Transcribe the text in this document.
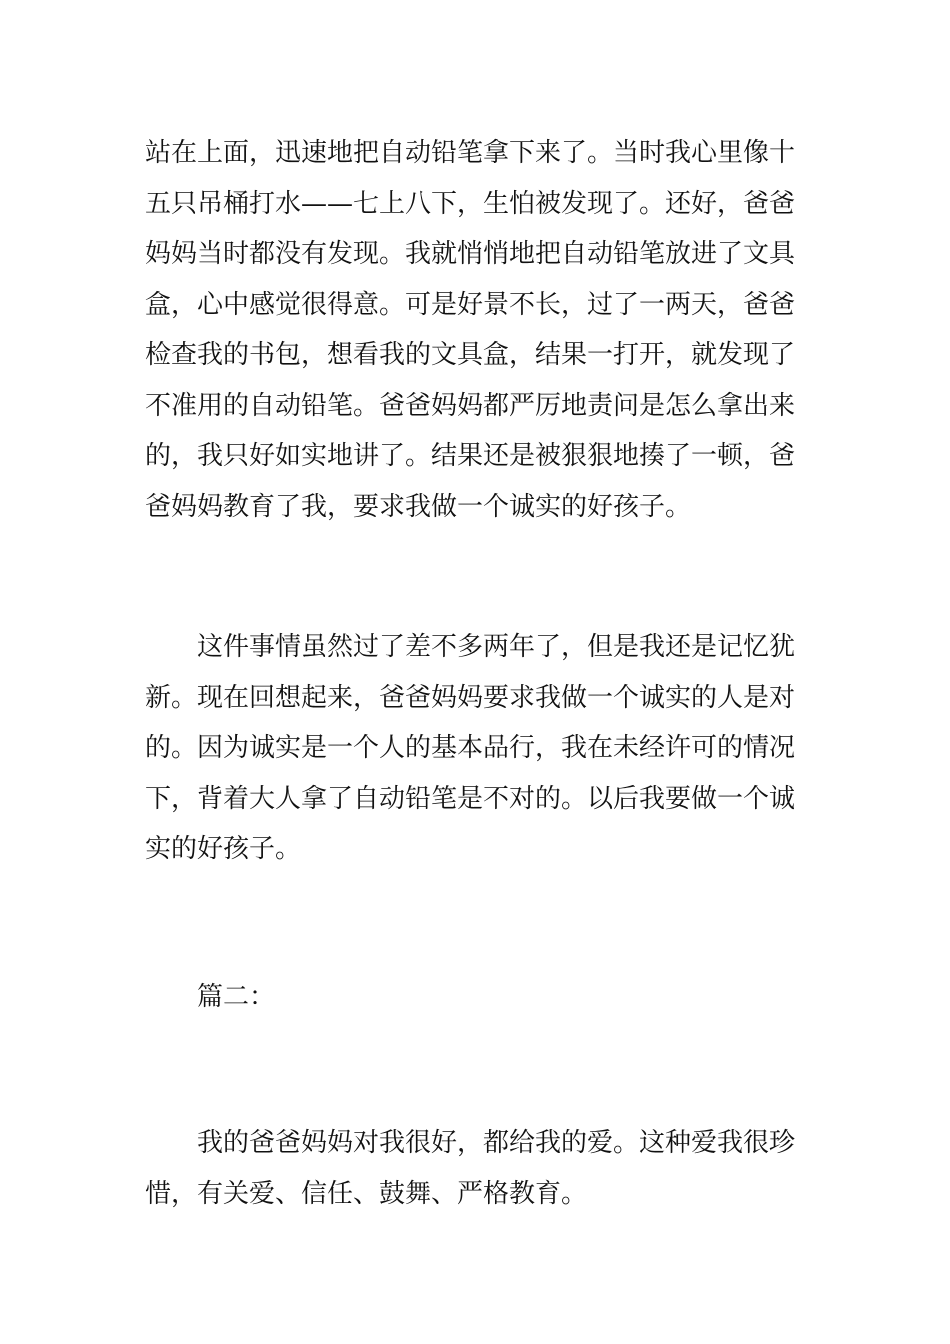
站在上面，迅速地把自动铅笔拿下来了。当时我心里像十
五只吊桶打水——七上八下，生怕被发现了。还好，爸爸
妈妈当时都没有发现。我就悄悄地把自动铅笔放进了文具
盒，心中感觉很得意。可是好景不长，过了一两天，爸爸
检查我的书包，想看我的文具盒，结果一打开，就发现了
不准用的自动铅笔。爸爸妈妈都严厉地责问是怎么拿出来
的，我只好如实地讲了。结果还是被狠狠地揍了一顿，爸
爸妈妈教育了我，要求我做一个诚实的好孩子。
这件事情虽然过了差不多两年了，但是我还是记忆犹
新。现在回想起来，爸爸妈妈要求我做一个诚实的人是对
的。因为诚实是一个人的基本品行，我在未经许可的情况
下，背着大人拿了自动铅笔是不对的。以后我要做一个诚
实的好孩子。
篇二：
我的爸爸妈妈对我很好，都给我的爱。这种爱我很珍
惜，有关爱、信任、鼓舞、严格教育。
